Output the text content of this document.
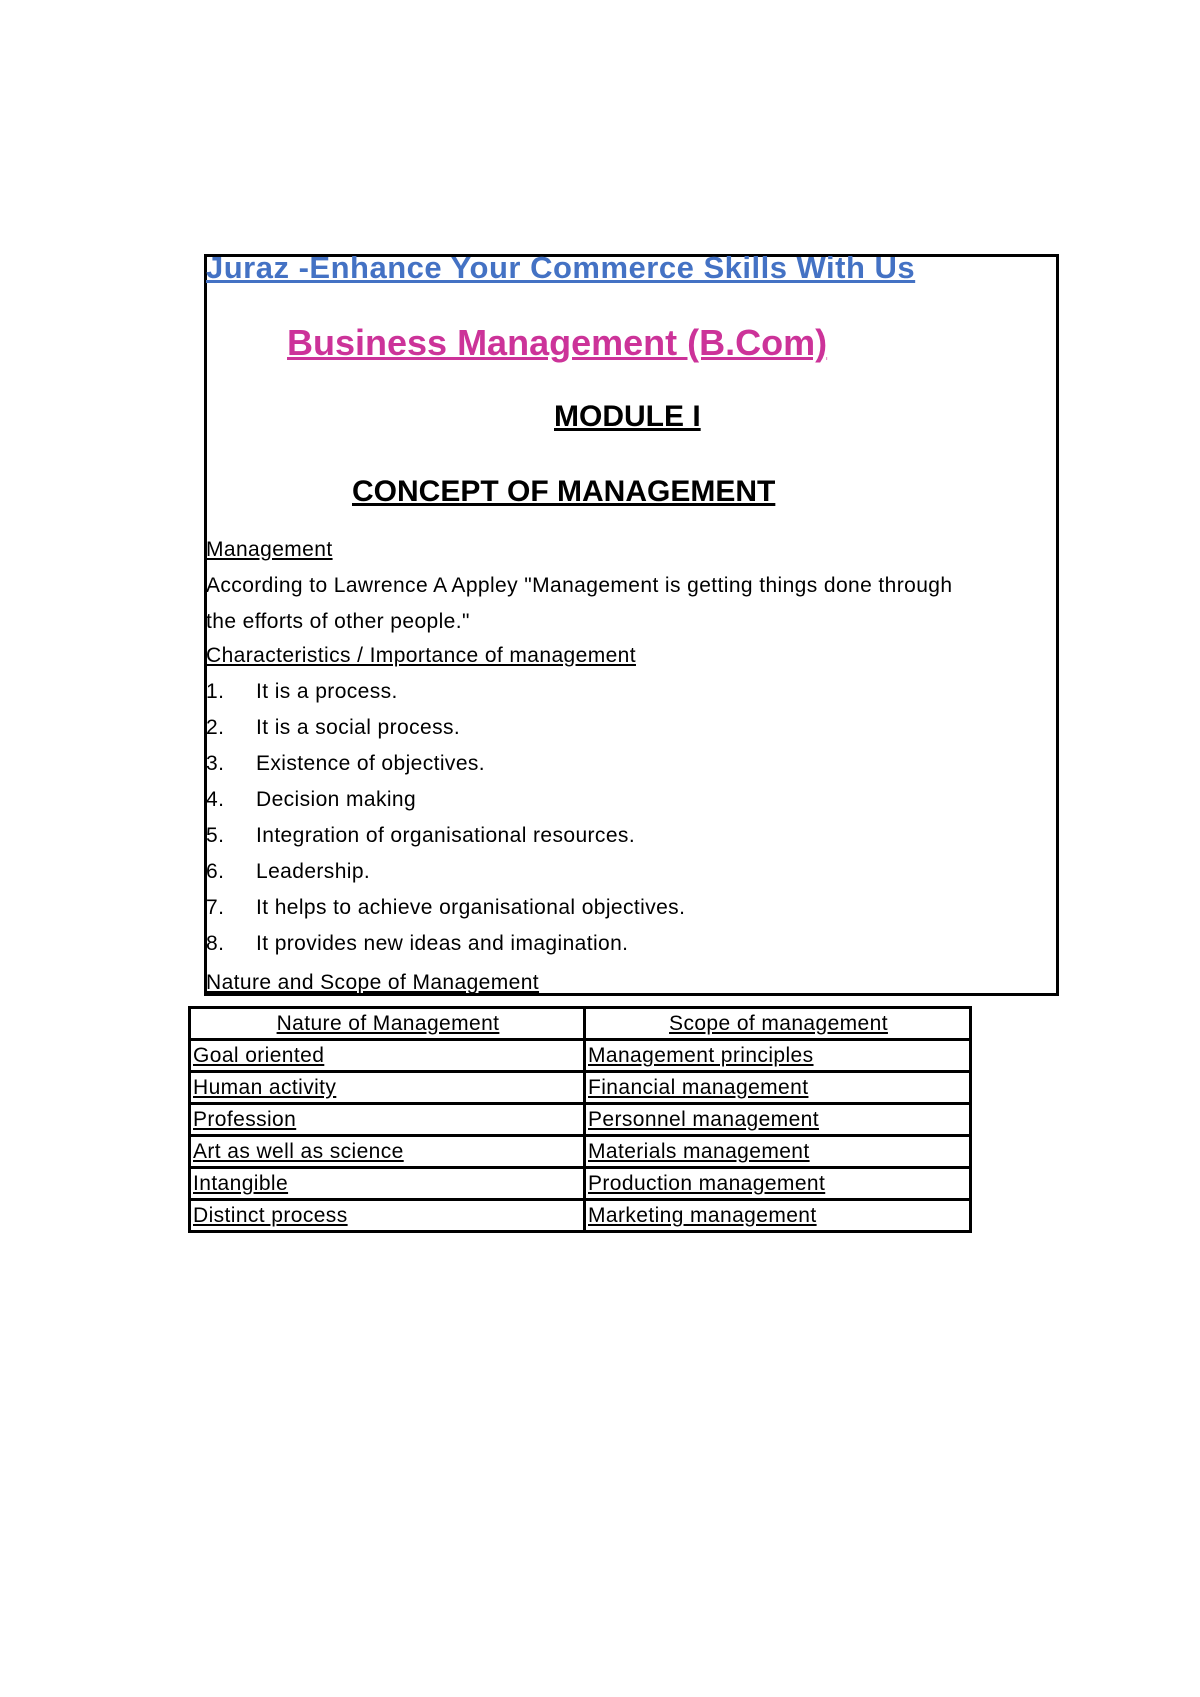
Juraz -Enhance Your Commerce Skills With Us
Business Management (B.Com)
MODULE I
CONCEPT OF MANAGEMENT
Management
According to Lawrence A Appley "Management is getting things done through
the efforts of other people."
Characteristics / Importance of management
1. It is a process.
2. It is a social process.
3. Existence of objectives.
4. Decision making
5. Integration of organisational resources.
6. Leadership.
7. It helps to achieve organisational objectives.
8. It provides new ideas and imagination.
Nature and Scope of Management
Nature of Management	Scope of management
Goal oriented	Management principles
Human activity	Financial management
Profession	Personnel management
Art as well as science	Materials management
Intangible	Production management
Distinct process	Marketing management
